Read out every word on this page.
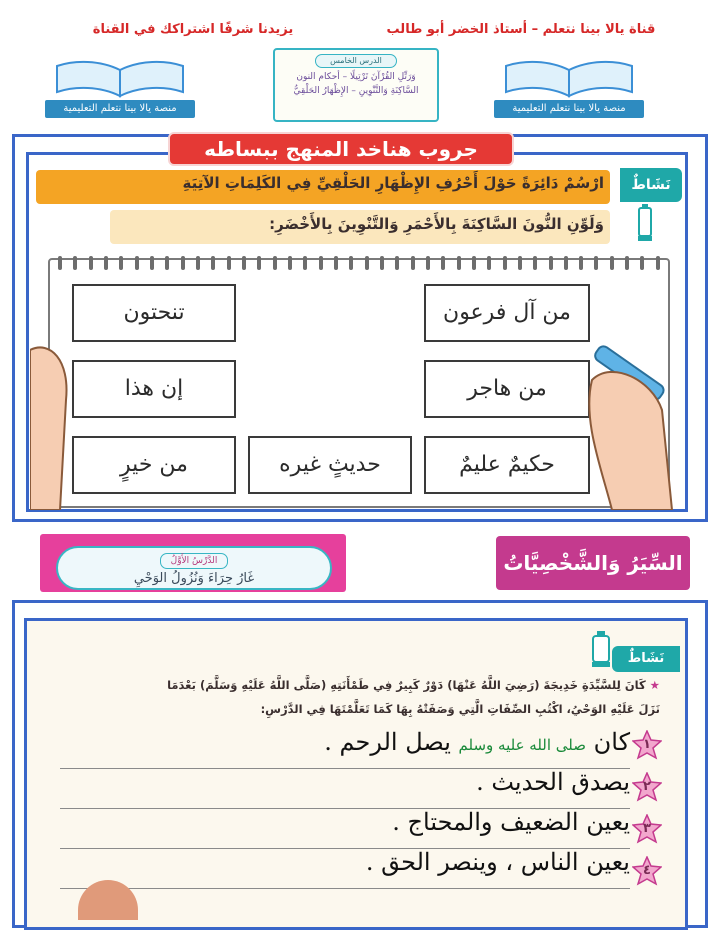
قناة يالا بينا نتعلم – أستاذ الخضر أبو طالب
يزيدنا شرفًا اشتراكك في القناة
منصة يالا بينا نتعلم التعليمية
منصة يالا بينا نتعلم التعليمية
الدرس الخامس
وَرَتِّلِ القُرْآنَ تَرْتِيلًا – أحكام النون
السَّاكِنَةِ وَالتَّنْوِينِ – الإِظْهَارُ الحَلْقِيُّ
ارْسُمْ دَائِرَةً حَوْلَ أَحْرُفِ الإِظْهَارِ الحَلْقِيِّ فِي الكَلِمَاتِ الآتِيَةِ
وَلَوِّنِ النُّونَ السَّاكِنَةَ بِالأَحْمَرِ وَالتَّنْوِينَ بِالأَخْضَرِ:
نَشَاطٌ
جروب هناخد المنهج ببساطه
من آل فرعون
تنحتون
من هاجر
إن هذا
حكيمٌ عليمٌ
حديثٍ غيره
من خيرٍ
الدَّرْسُ الأَوَّلُ
غَارُ حِرَاءَ وَنُزُولُ الوَحْيِ
السِّيَرُ وَالشَّخْصِيَّاتُ
نَشَاطٌ
★ كَانَ لِلسَّيِّدَةِ خَدِيجَةَ (رَضِيَ اللَّهُ عَنْهَا) دَوْرٌ كَبِيرٌ فِي طَمْأَنَتِهِ (صَلَّى اللَّهُ عَلَيْهِ وَسَلَّمَ) بَعْدَمَا
نَزَلَ عَلَيْهِ الوَحْيُ، اكْتُبِ الصِّفَاتِ الَّتِي وَصَفَتْهُ بِهَا كَمَا تَعَلَّمْتَهَا فِي الدَّرْسِ:
١
كان صلى الله عليه وسلم يصل الرحم .
٢
يصدق الحديث .
٣
يعين الضعيف والمحتاج .
٤
يعين الناس ، وينصر الحق .
